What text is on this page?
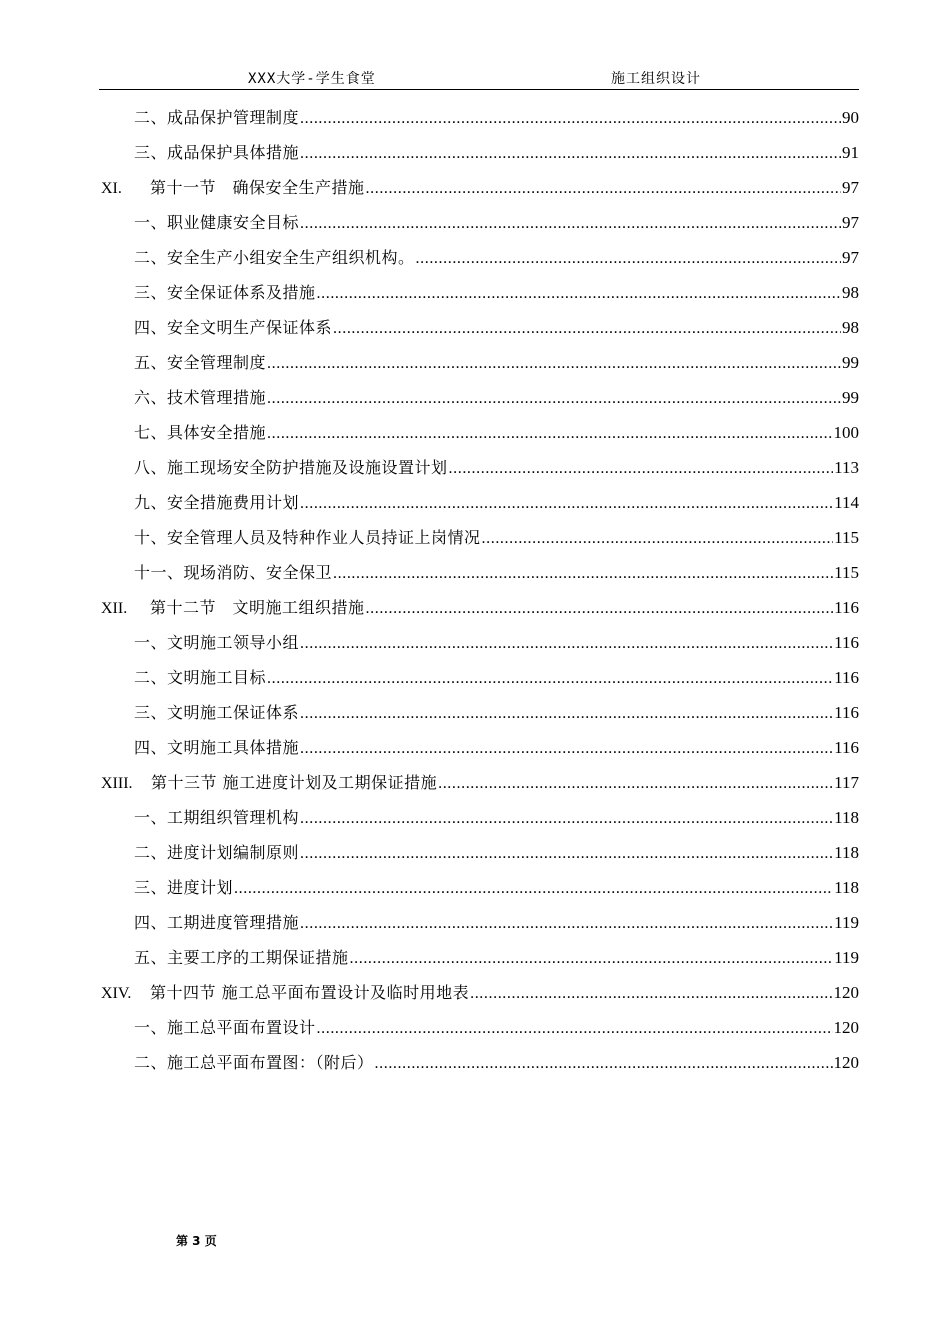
XXX大学-学生食堂	施工组织设计
二、成品保护管理制度 .....	90
三、成品保护具体措施 .....	91
XI.	第十一节　确保安全生产措施 .....	97
一、职业健康安全目标 .....	97
二、安全生产小组安全生产组织机构。 .....	97
三、安全保证体系及措施 .....	98
四、安全文明生产保证体系 .....	98
五、安全管理制度 .....	99
六、技术管理措施 .....	99
七、具体安全措施 .....	100
八、施工现场安全防护措施及设施设置计划 .....	113
九、安全措施费用计划 .....	114
十、安全管理人员及特种作业人员持证上岗情况 .....	115
十一、现场消防、安全保卫 .....	115
XII.	第十二节　文明施工组织措施 .....	116
一、文明施工领导小组 .....	116
二、文明施工目标 .....	116
三、文明施工保证体系 .....	116
四、文明施工具体措施 .....	116
XIII.	第十三节 施工进度计划及工期保证措施 .....	117
一、工期组织管理机构 .....	118
二、进度计划编制原则 .....	118
三、进度计划 .....	118
四、工期进度管理措施 .....	119
五、主要工序的工期保证措施 .....	119
XIV.	第十四节 施工总平面布置设计及临时用地表 .....	120
一、施工总平面布置设计 .....	120
二、施工总平面布置图：（附后） .....	120
第 3 页
